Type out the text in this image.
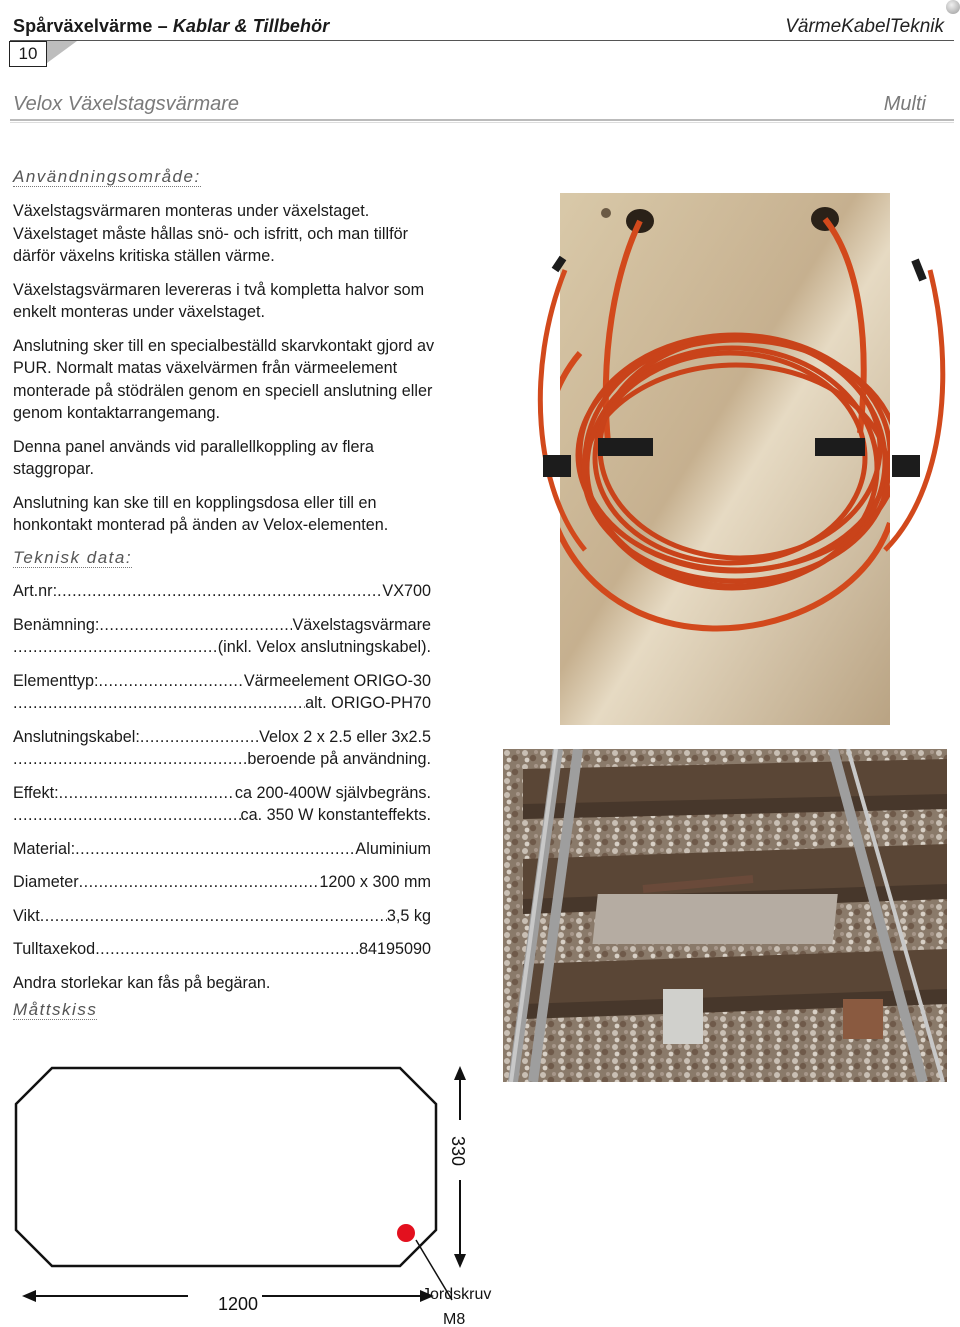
Spårväxelvärme – Kablar & Tillbehör	VärmeKabelTeknik
10
Velox Växelstagsvärmare	Multi
Användningsområde:

Växelstagsvärmaren monteras under växelstaget. Växelstaget måste hållas snö- och isfritt, och man tillför därför växelns kritiska ställen värme.

Växelstagsvärmaren levereras i två kompletta halvor som enkelt monteras under växelstaget.

Anslutning sker till en specialbeställd skarvkontakt gjord av PUR. Normalt matas växelvärmen från värmeelement monterade på stödrälen genom en speciell anslutning eller genom kontaktarrangemang.

Denna panel används vid parallellkoppling av flera staggropar.

Anslutning kan ske till en kopplingsdosa eller till en honkontakt monterad på änden av Velox-elementen.

Teknisk data:
Art.nr: .....	VX700
Benämning: .....	Växelstagsvärmare
.....
(inkl. Velox anslutningskabel).
Elementtyp: .....	Värmeelement ORIGO-30
.....
alt. ORIGO-PH70
Anslutningskabel: .....	Velox 2 x 2.5 eller 3x2.5
.....
beroende på användning.
Effekt: .....	ca 200-400W självbegräns.
.....
ca. 350 W konstanteffekts.
Material: .....	Aluminium
Diameter .....	1200 x 300 mm
Vikt .....	3,5 kg
Tulltaxekod .....	84195090
Andra storlekar kan fås på begäran.
Måttskiss
330
1200	Jordskruv
M8
